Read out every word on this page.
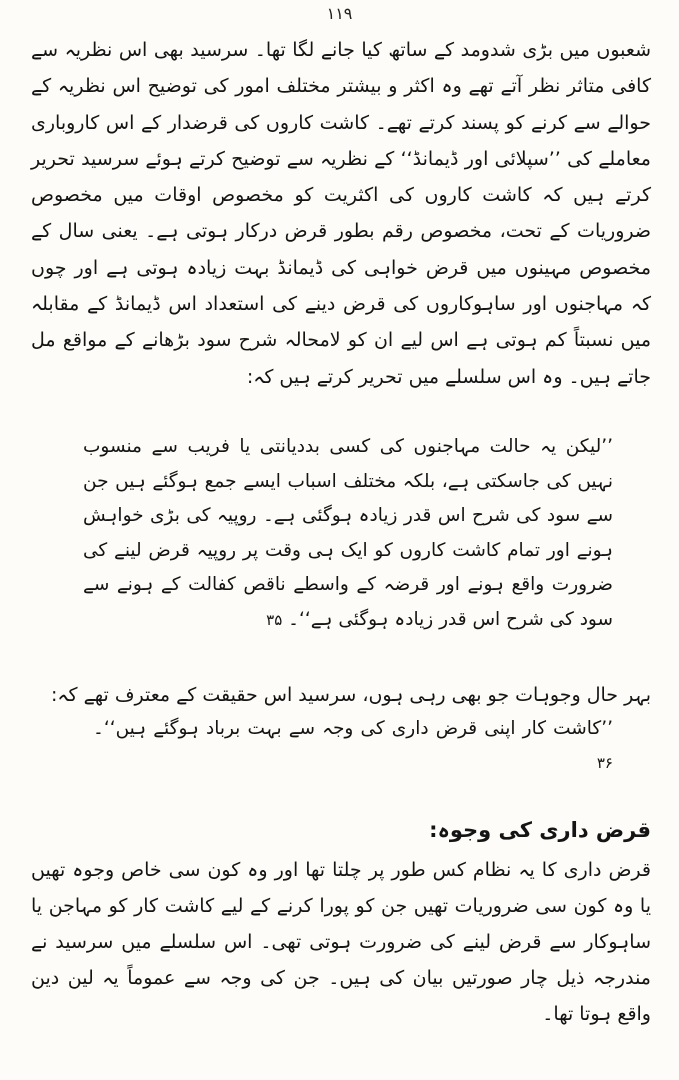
١١٩

شعبوں میں بڑی شدومد کے ساتھ کیا جانے لگا تھا۔ سرسید بھی اس نظریہ سے کافی متاثر نظر آتے تھے وہ اکثر و بیشتر مختلف امور کی توضیح اس نظریہ کے حوالے سے کرنے کو پسند کرتے تھے۔ کاشت کاروں کی قرضدار کے اس کاروباری معاملے کی ’’سپلائی اور ڈیمانڈ‘‘ کے نظریہ سے توضیح کرتے ہوئے سرسید تحریر کرتے ہیں کہ کاشت کاروں کی اکثریت کو مخصوص اوقات میں مخصوص ضروریات کے تحت، مخصوص رقم بطور قرض درکار ہوتی ہے۔ یعنی سال کے مخصوص مہینوں میں قرض خواہی کی ڈیمانڈ بہت زیادہ ہوتی ہے اور چوں کہ مہاجنوں اور ساہوکاروں کی قرض دینے کی استعداد اس ڈیمانڈ کے مقابلہ میں نسبتاً کم ہوتی ہے اس لیے ان کو لامحالہ شرح سود بڑھانے کے مواقع مل جاتے ہیں۔ وہ اس سلسلے میں تحریر کرتے ہیں کہ:

’’لیکن یہ حالت مہاجنوں کی کسی بددیانتی یا فریب سے منسوب نہیں کی جاسکتی ہے، بلکہ مختلف اسباب ایسے جمع ہوگئے ہیں جن سے سود کی شرح اس قدر زیادہ ہوگئی ہے۔ روپیہ کی بڑی خواہش ہونے اور تمام کاشت کاروں کو ایک ہی وقت پر روپیہ قرض لینے کی ضرورت واقع ہونے اور قرضہ کے واسطے ناقص کفالت کے ہونے سے سود کی شرح اس قدر زیادہ ہوگئی ہے‘‘۔ ۳۵

بہر حال وجوہات جو بھی رہی ہوں، سرسید اس حقیقت کے معترف تھے کہ:

’’کاشت کار اپنی قرض داری کی وجہ سے بہت برباد ہوگئے ہیں‘‘۔ ۳۶

قرض داری کی وجوہ:

قرض داری کا یہ نظام کس طور پر چلتا تھا اور وہ کون سی خاص وجوہ تھیں یا وہ کون سی ضروریات تھیں جن کو پورا کرنے کے لیے کاشت کار کو مہاجن یا ساہوکار سے قرض لینے کی ضرورت ہوتی تھی۔ اس سلسلے میں سرسید نے مندرجہ ذیل چار صورتیں بیان کی ہیں۔ جن کی وجہ سے عموماً یہ لین دین واقع ہوتا تھا۔
